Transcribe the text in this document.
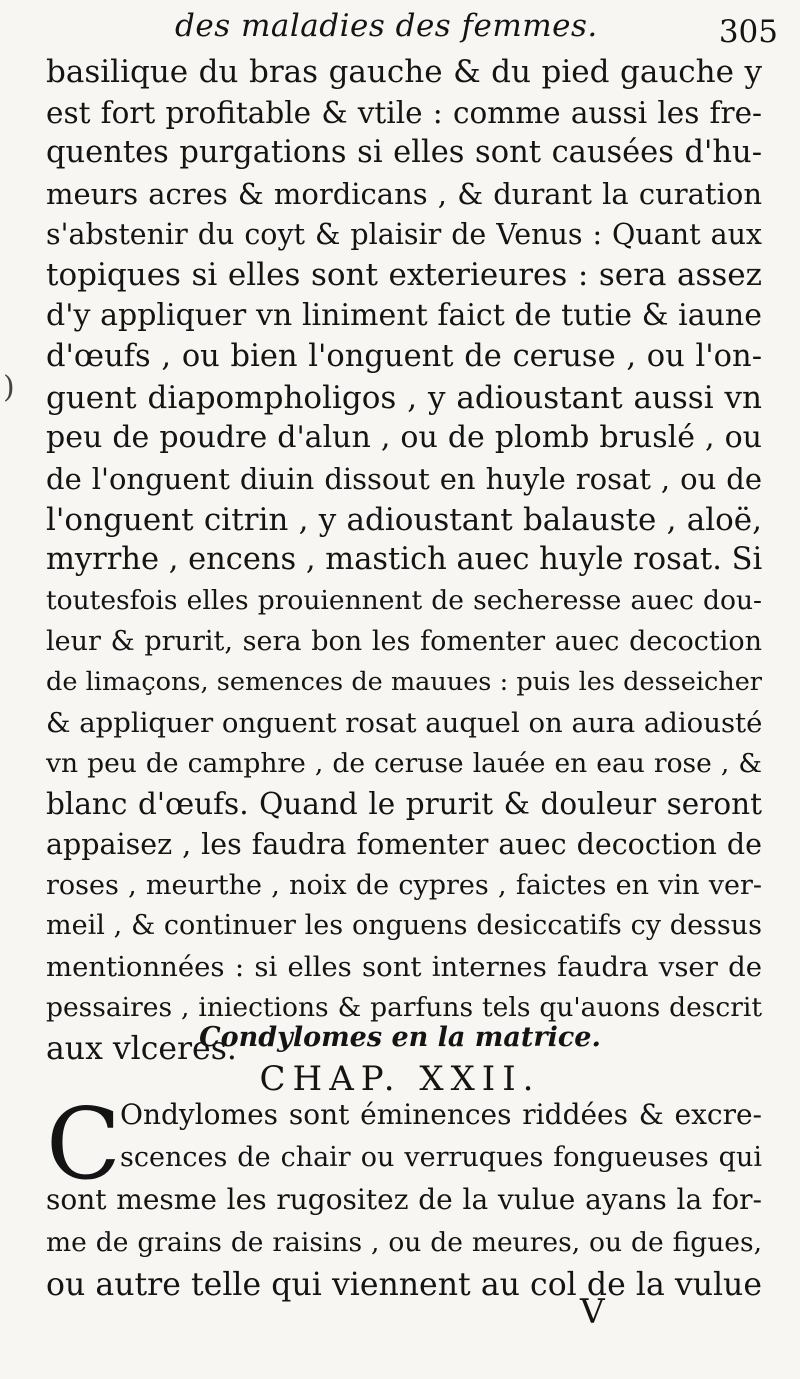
des maladies des femmes.	305
)
basilique du bras gauche & du pied gauche y
est fort profitable & vtile : comme aussi les fre-
quentes purgations si elles sont causées d'hu-
meurs acres & mordicans , & durant la curation
s'abstenir du coyt & plaisir de Venus : Quant aux
topiques si elles sont exterieures : sera assez
d'y appliquer vn liniment faict de tutie & iaune
d'œufs , ou bien l'onguent de ceruse , ou l'on-
guent diapompholigos , y adioustant aussi vn
peu de poudre d'alun , ou de plomb bruslé , ou
de l'onguent diuin dissout en huyle rosat , ou de
l'onguent citrin , y adioustant balauste , aloë,
myrrhe , encens , mastich auec huyle rosat. Si
toutesfois elles prouiennent de secheresse auec dou-
leur & prurit, sera bon les fomenter auec decoction
de limaçons, semences de mauues : puis les desseicher
& appliquer onguent rosat auquel on aura adiousté
vn peu de camphre , de ceruse lauée en eau rose , &
blanc d'œufs. Quand le prurit & douleur seront
appaisez , les faudra fomenter auec decoction de
roses , meurthe , noix de cypres , faictes en vin ver-
meil , & continuer les onguens desiccatifs cy dessus
mentionnées : si elles sont internes faudra vser de
pessaires , iniections & parfuns tels qu'auons descrit
aux vlceres.
Condylomes en la matrice.
CHAP. XXII.
C Ondylomes sont éminences riddées & excre-
scences de chair ou verruques fongueuses qui
sont mesme les rugositez de la vulue ayans la for-
me de grains de raisins , ou de meures, ou de figues,
ou autre telle qui viennent au col de la vulue
V
